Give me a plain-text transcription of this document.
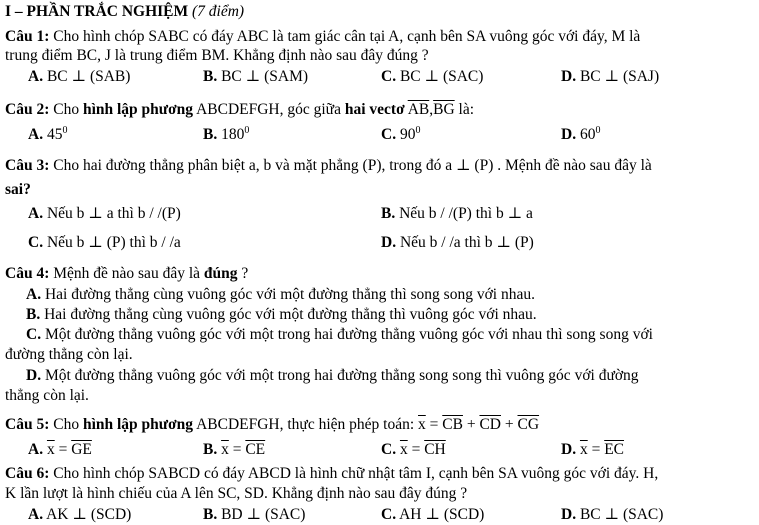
I – PHẦN TRẮC NGHIỆM (7 điểm)
Câu 1: Cho hình chóp SABC có đáy ABC là tam giác cân tại A, cạnh bên SA vuông góc với đáy, M là
trung điểm BC, J là trung điểm BM. Khẳng định nào sau đây đúng ?
A. BC ⊥ (SAB)	B. BC ⊥ (SAM)	C. BC ⊥ (SAC)	D. BC ⊥ (SAJ)
Câu 2: Cho hình lập phương ABCDEFGH, góc giữa hai vectơ $\overline{AB},\overline{BG}$ là:
A. $45^0$	B. $180^0$	C. $90^0$	D. $60^0$
Câu 3: Cho hai đường thẳng phân biệt a, b và mặt phẳng (P), trong đó a ⊥ (P) . Mệnh đề nào sau đây là
sai?
A. Nếu b ⊥ a thì b / /(P)	B. Nếu b / /(P) thì b ⊥ a
C. Nếu b ⊥ (P) thì b / /a	D. Nếu b / /a thì b ⊥ (P)
Câu 4: Mệnh đề nào sau đây là đúng ?
A. Hai đường thẳng cùng vuông góc với một đường thẳng thì song song với nhau.
B. Hai đường thẳng cùng vuông góc với một đường thẳng thì vuông góc với nhau.
C. Một đường thẳng vuông góc với một trong hai đường thẳng vuông góc với nhau thì song song với
đường thẳng còn lại.
D. Một đường thẳng vuông góc với một trong hai đường thẳng song song thì vuông góc với đường
thẳng còn lại.
Câu 5: Cho hình lập phương ABCDEFGH, thực hiện phép toán: $\overline{x} = \overline{CB} + \overline{CD} + \overline{CG}$
A. $\overline{x} = \overline{GE}$	B. $\overline{x} = \overline{CE}$	C. $\overline{x} = \overline{CH}$	D. $\overline{x} = \overline{EC}$
Câu 6: Cho hình chóp SABCD có đáy ABCD là hình chữ nhật tâm I, cạnh bên SA vuông góc với đáy. H,
K lần lượt là hình chiếu của A lên SC, SD. Khẳng định nào sau đây đúng ?
A. AK ⊥ (SCD)	B. BD ⊥ (SAC)	C. AH ⊥ (SCD)	D. BC ⊥ (SAC)
